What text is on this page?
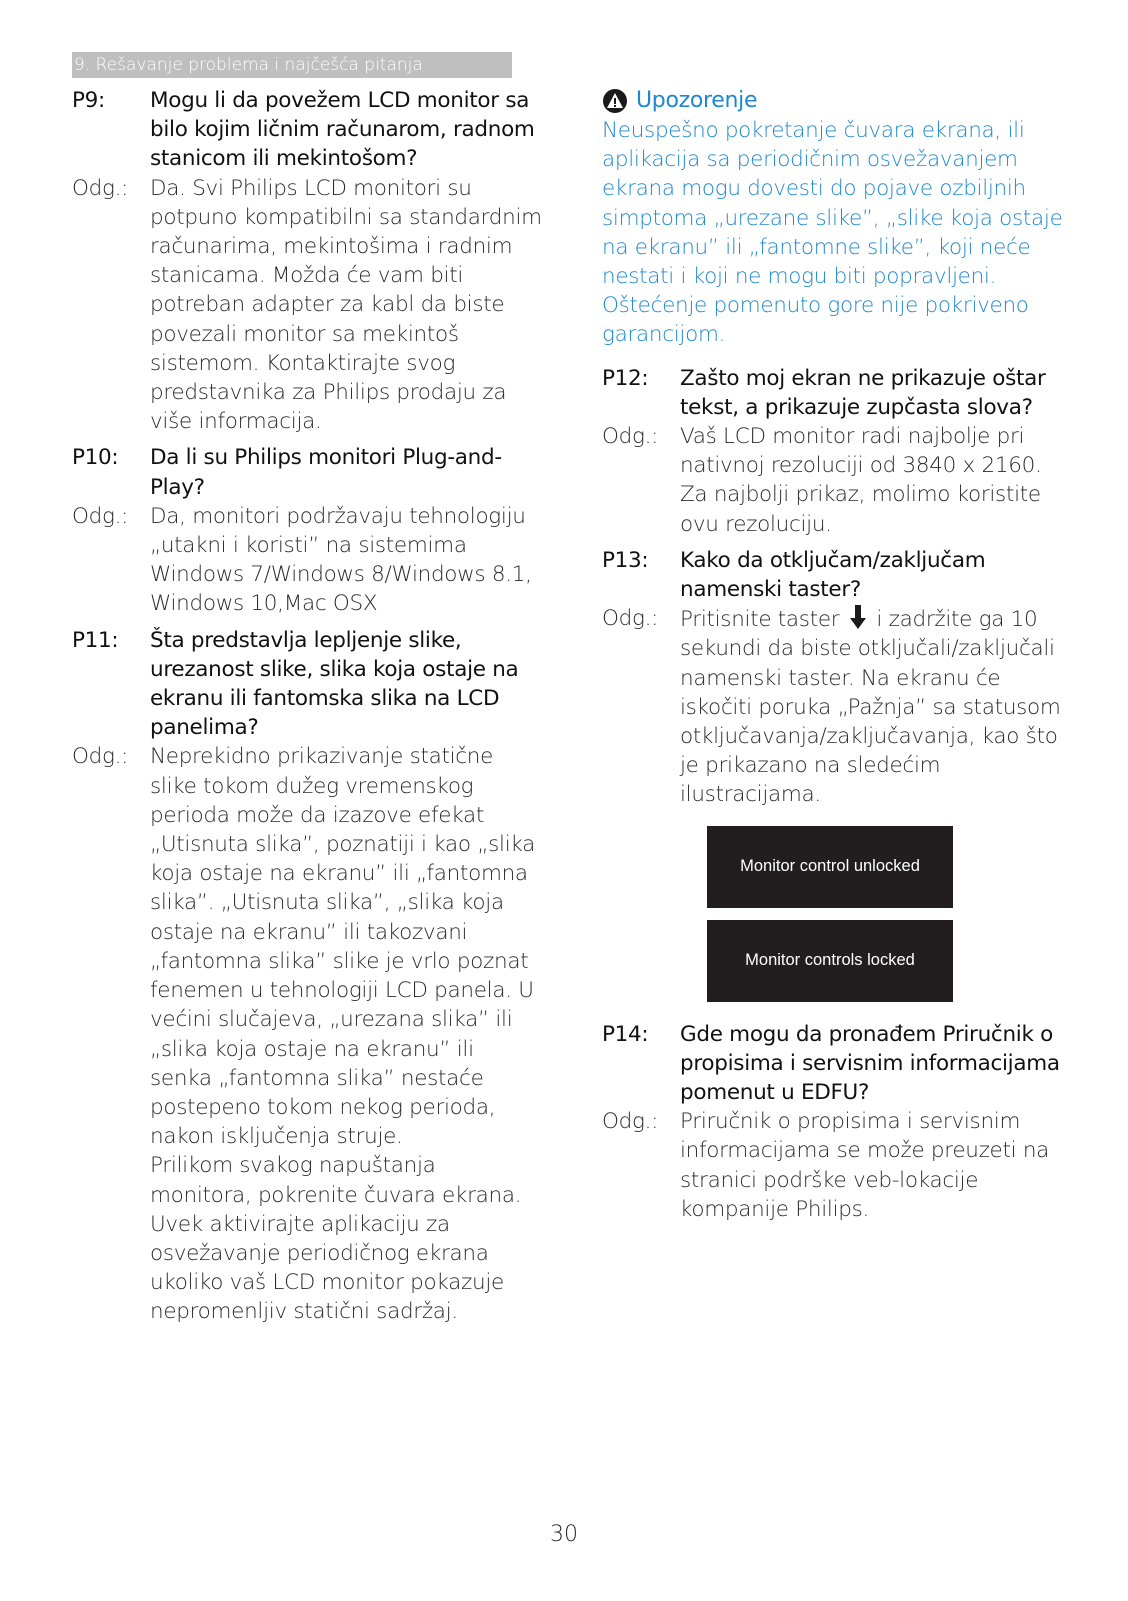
9. Rešavanje problema i najčešća pitanja
P9:	Mogu li da povežem LCD monitor sa bilo kojim ličnim računarom, radnom stanicom ili mekintošom?
Odg.:	Da. Svi Philips LCD monitori su potpuno kompatibilni sa standardnim računarima, mekintošima i radnim stanicama. Možda će vam biti potreban adapter za kabl da biste povezali monitor sa mekintoš sistemom. Kontaktirajte svog predstavnika za Philips prodaju za više informacija.
P10:	Da li su Philips monitori Plug-and-Play?
Odg.:	Da, monitori podržavaju tehnologiju „utakni i koristi” na sistemima Windows 7/Windows 8/Windows 8.1, Windows 10,Mac OSX
P11:	Šta predstavlja lepljenje slike, urezanost slike, slika koja ostaje na ekranu ili fantomska slika na LCD panelima?
Odg.:	Neprekidno prikazivanje statične slike tokom dužeg vremenskog perioda može da izazove efekat „Utisnuta slika”, poznatiji i kao „slika koja ostaje na ekranu” ili „fantomna slika”. „Utisnuta slika”, „slika koja ostaje na ekranu” ili takozvani „fantomna slika” slike je vrlo poznat fenemen u tehnologiji LCD panela. U većini slučajeva, „urezana slika” ili „slika koja ostaje na ekranu” ili senka „fantomna slika” nestaće postepeno tokom nekog perioda, nakon isključenja struje.
Prilikom svakog napuštanja monitora, pokrenite čuvara ekrana.
Uvek aktivirajte aplikaciju za osvežavanje periodičnog ekrana ukoliko vaš LCD monitor pokazuje nepromenljiv statični sadržaj.
Upozorenje
Neuspešno pokretanje čuvara ekrana, ili aplikacija sa periodičnim osvežavanjem ekrana mogu dovesti do pojave ozbiljnih simptoma „urezane slike”, „slike koja ostaje na ekranu” ili „fantomne slike”, koji neće nestati i koji ne mogu biti popravljeni. Oštećenje pomenuto gore nije pokriveno garancijom.
P12:	Zašto moj ekran ne prikazuje oštar tekst, a prikazuje zupčasta slova?
Odg.:	Vaš LCD monitor radi najbolje pri nativnoj rezoluciji od 3840 x 2160. Za najbolji prikaz, molimo koristite ovu rezoluciju.
P13:	Kako da otključam/zaključam namenski taster?
Odg.:	Pritisnite taster i zadržite ga 10 sekundi da biste otključali/zaključali namenski taster. Na ekranu će iskočiti poruka „Pažnja” sa statusom otključavanja/zaključavanja, kao što je prikazano na sledećim ilustracijama.
Monitor control unlocked
Monitor controls locked
P14:	Gde mogu da pronađem Priručnik o propisima i servisnim informacijama pomenut u EDFU?
Odg.:	Priručnik o propisima i servisnim informacijama se može preuzeti na stranici podrške veb-lokacije kompanije Philips.
30
